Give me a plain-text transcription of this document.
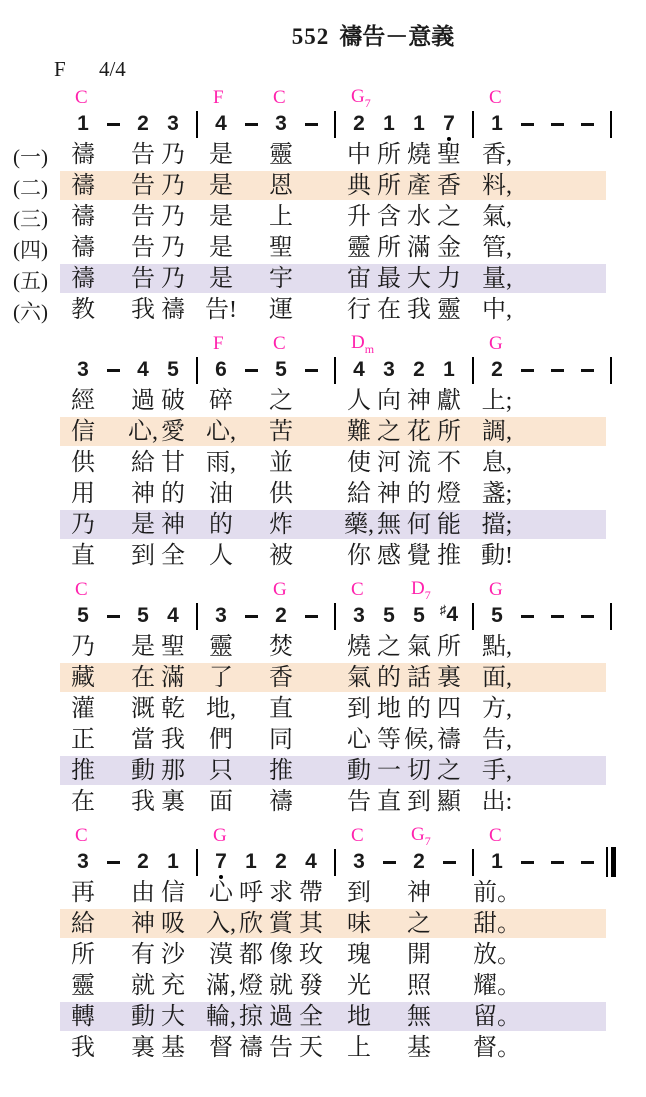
552 禱告－意義
F 4/4
C	F	C	$G_7$	C
1 2 3 4 3	2 1 1 7 1
(一) 禱 告 乃 是 靈 中 所 燒 聖 香,
(二) 禱 告 乃 是 恩 典 所 產 香 料,
(三) 禱 告 乃 是 上 升 含 水 之 氣,
(四) 禱 告 乃 是 聖 靈 所 滿 金 管,
(五) 禱 告 乃 是 宇 宙 最 大 力 量,
(六) 教 我 禱 告! 運 行 在 我 靈 中,
F	C	$D_m$	G
3 4 5 6 5	4 3 2 1 2
經 過 破 碎 之 人 向 神 獻 上;
信 心, 愛 心, 苦 難 之 花 所 調,
供 給 甘 雨, 並 使 河 流 不 息,
用 神 的 油 供 給 神 的 燈 盞;
乃 是 神 的 炸 藥, 無 何 能 擋;
直 到 全 人 被 你 感 覺 推 動!
C	G	C $D_7$	G
5 5 4 3 2	3 5 5 ♯4 5
乃 是 聖 靈 焚 燒 之 氣 所 點,
藏 在 滿 了 香 氣 的 話 裏 面,
灌 溉 乾 地, 直 到 地 的 四 方,
正 當 我 們 同 心 等 候, 禱 告,
推 動 那 只 推 動 一 切 之 手,
在 我 裏 面 禱 告 直 到 顯 出:
C	G	C $G_7$	C
3 2 1 7 1 2 4 3 2	1
再 由 信 心 呼 求 帶 到 神 前。
給 神 吸 入, 欣 賞 其 味 之 甜。
所 有 沙 漠 都 像 玫 瑰 開 放。
靈 就 充 滿, 燈 就 發 光 照 耀。
轉 動 大 輪, 掠 過 全 地 無 留。
我 裏 基 督 禱 告 天 上 基 督。
